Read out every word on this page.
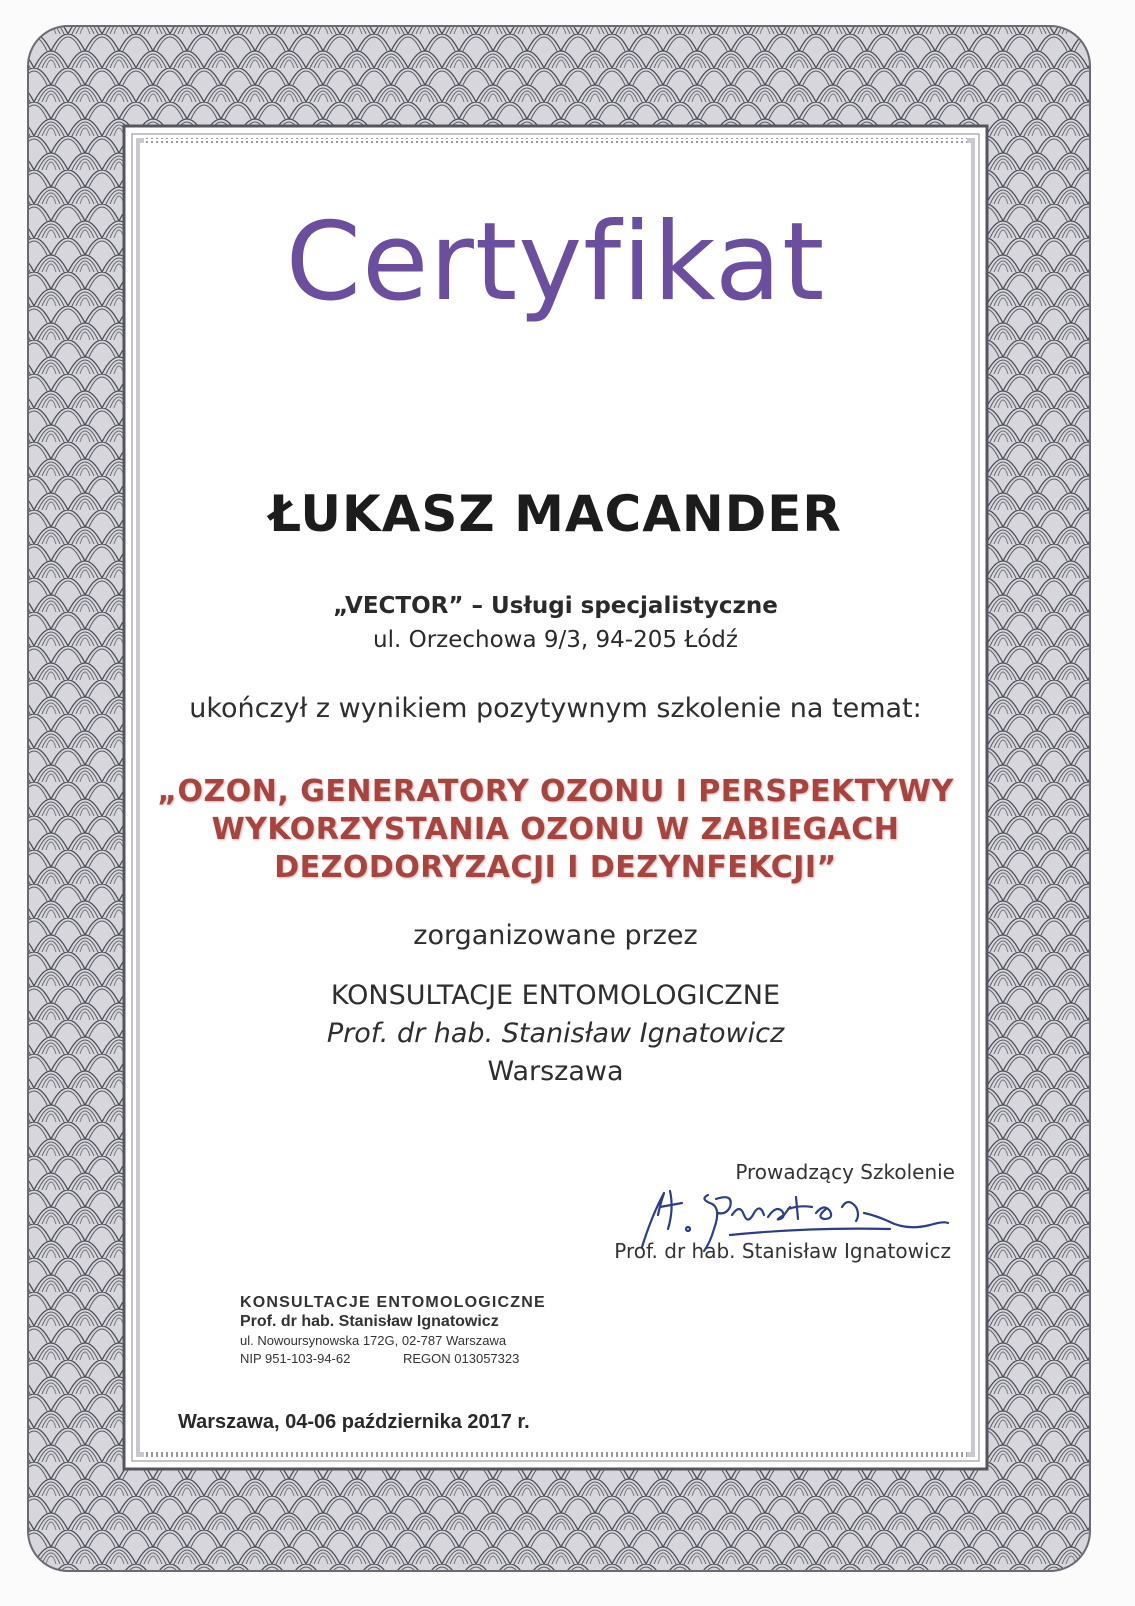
Certyfikat

ŁUKASZ MACANDER

„VECTOR” – Usługi specjalistyczne

ul. Orzechowa 9/3, 94-205 Łódź

ukończył z wynikiem pozytywnym szkolenie na temat:

„OZON, GENERATORY OZONU I PERSPEKTYWY

WYKORZYSTANIA OZONU W ZABIEGACH

DEZODORYZACJI I DEZYNFEKCJI”

zorganizowane przez

KONSULTACJE ENTOMOLOGICZNE

Prof. dr hab. Stanisław Ignatowicz

Warszawa

Prowadzący Szkolenie

Prof. dr hab. Stanisław Ignatowicz

KONSULTACJE ENTOMOLOGICZNE

Prof. dr hab. Stanisław Ignatowicz

ul. Nowoursynowska 172G, 02-787 Warszawa

NIP 951-103-94-62	REGON 013057323

Warszawa, 04-06 października 2017 r.
